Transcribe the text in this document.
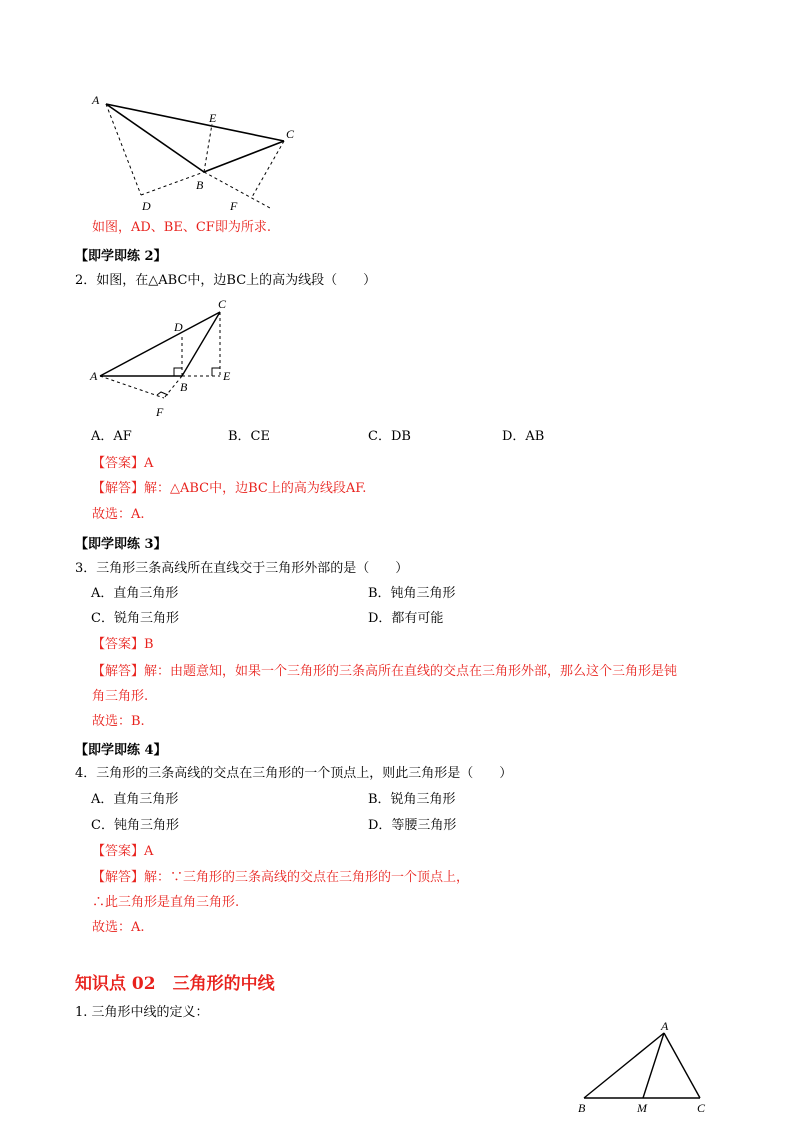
A
E
C
B
D	F
如图，AD、BE、CF即为所求.
【即学即练 2】
2．如图，在△ABC中，边BC上的高为线段（　　）
A
C
D
E
B
F
A．AF	B．CE	C．DB	D．AB
【答案】A
【解答】解：△ABC中，边BC上的高为线段AF.
故选：A.
【即学即练 3】
3．三角形三条高线所在直线交于三角形外部的是（　　）
A．直角三角形	B．钝角三角形
C．锐角三角形	D．都有可能
【答案】B
【解答】解：由题意知，如果一个三角形的三条高所在直线的交点在三角形外部，那么这个三角形是钝
角三角形.
故选：B.
【即学即练 4】
4．三角形的三条高线的交点在三角形的一个顶点上，则此三角形是（　　）
A．直角三角形	B．锐角三角形
C．钝角三角形	D．等腰三角形
【答案】A
【解答】解：∵三角形的三条高线的交点在三角形的一个顶点上，
∴此三角形是直角三角形.
故选：A.
知识点 02　三角形的中线
1. 三角形中线的定义：
A
B	M	C
